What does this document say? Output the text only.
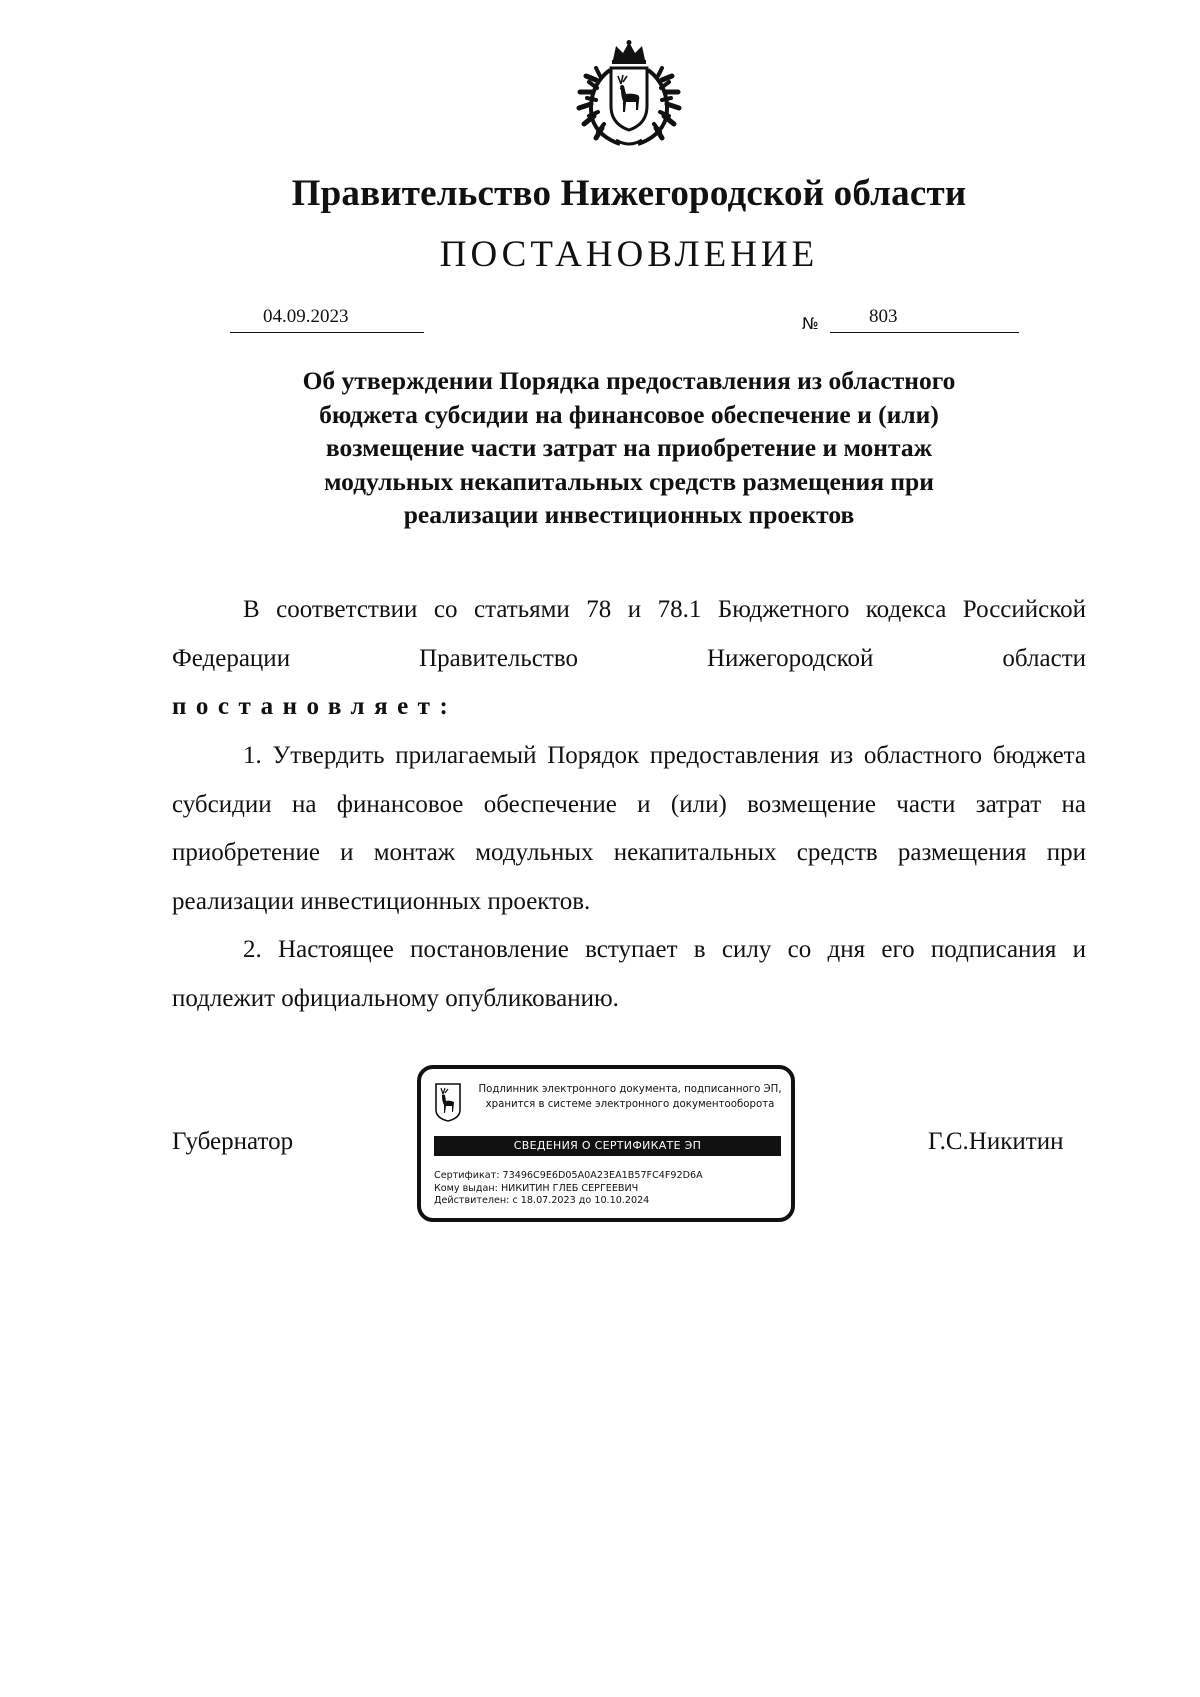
Правительство Нижегородской области
ПОСТАНОВЛЕНИЕ
04.09.2023	№	803
Об утверждении Порядка предоставления из областного
бюджета субсидии на финансовое обеспечение и (или)
возмещение части затрат на приобретение и монтаж
модульных некапитальных средств размещения при
реализации инвестиционных проектов

В соответствии со статьями 78 и 78.1 Бюджетного кодекса Российской Федерации Правительство Нижегородской области

постановляет:

1. Утвердить прилагаемый Порядок предоставления из областного бюджета субсидии на финансовое обеспечение и (или) возмещение части затрат на приобретение и монтаж модульных некапитальных средств размещения при реализации инвестиционных проектов.

2. Настоящее постановление вступает в силу со дня его подписания и подлежит официальному опубликованию.

Губернатор	Г.С.Никитин
Подлинник электронного документа, подписанного ЭП,
хранится в системе электронного документооборота
СВЕДЕНИЯ О СЕРТИФИКАТЕ ЭП
Сертификат: 73496C9E6D05A0A23EA1B57FC4F92D6A
Кому выдан: НИКИТИН ГЛЕБ СЕРГЕЕВИЧ
Действителен: с 18.07.2023 до 10.10.2024
